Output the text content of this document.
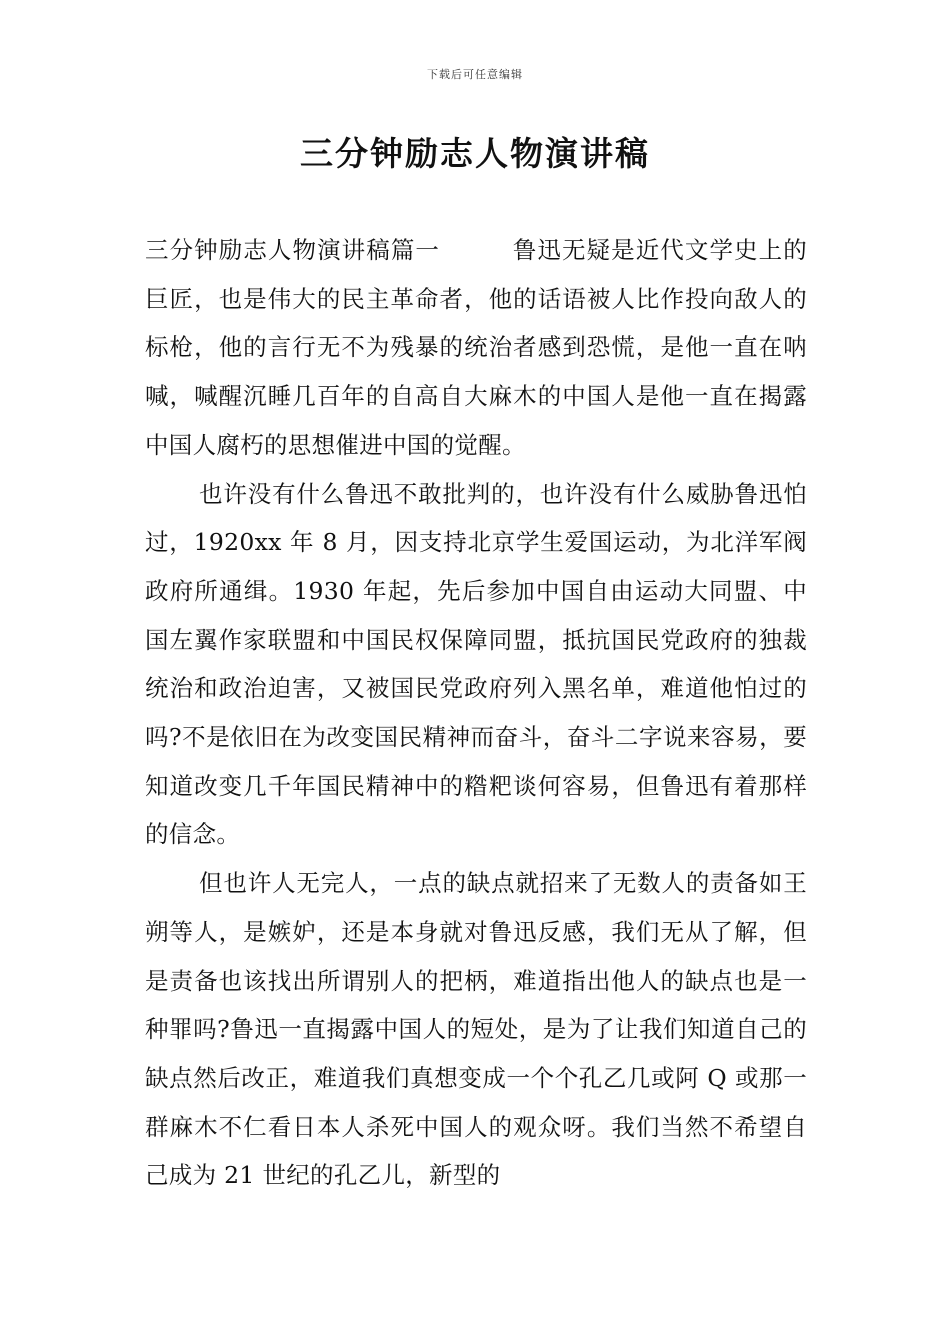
下载后可任意编辑
三分钟励志人物演讲稿

三分钟励志人物演讲稿篇一	鲁迅无疑是近代文学史上的巨匠，也是伟大的民主革命者，他的话语被人比作投向敌人的标枪，他的言行无不为残暴的统治者感到恐慌，是他一直在呐喊，喊醒沉睡几百年的自高自大麻木的中国人是他一直在揭露中国人腐朽的思想催进中国的觉醒。

也许没有什么鲁迅不敢批判的，也许没有什么威胁鲁迅怕过，1920xx 年 8 月，因支持北京学生爱国运动，为北洋军阀政府所通缉。1930 年起，先后参加中国自由运动大同盟、中国左翼作家联盟和中国民权保障同盟，抵抗国民党政府的独裁统治和政治迫害，又被国民党政府列入黑名单，难道他怕过的吗?不是依旧在为改变国民精神而奋斗，奋斗二字说来容易，要知道改变几千年国民精神中的糌粑谈何容易，但鲁迅有着那样的信念。

但也许人无完人，一点的缺点就招来了无数人的责备如王朔等人，是嫉妒，还是本身就对鲁迅反感，我们无从了解，但是责备也该找出所谓别人的把柄，难道指出他人的缺点也是一种罪吗?鲁迅一直揭露中国人的短处，是为了让我们知道自己的缺点然后改正，难道我们真想变成一个个孔乙几或阿 Q 或那一群麻木不仁看日本人杀死中国人的观众呀。我们当然不希望自己成为 21 世纪的孔乙儿，新型的
